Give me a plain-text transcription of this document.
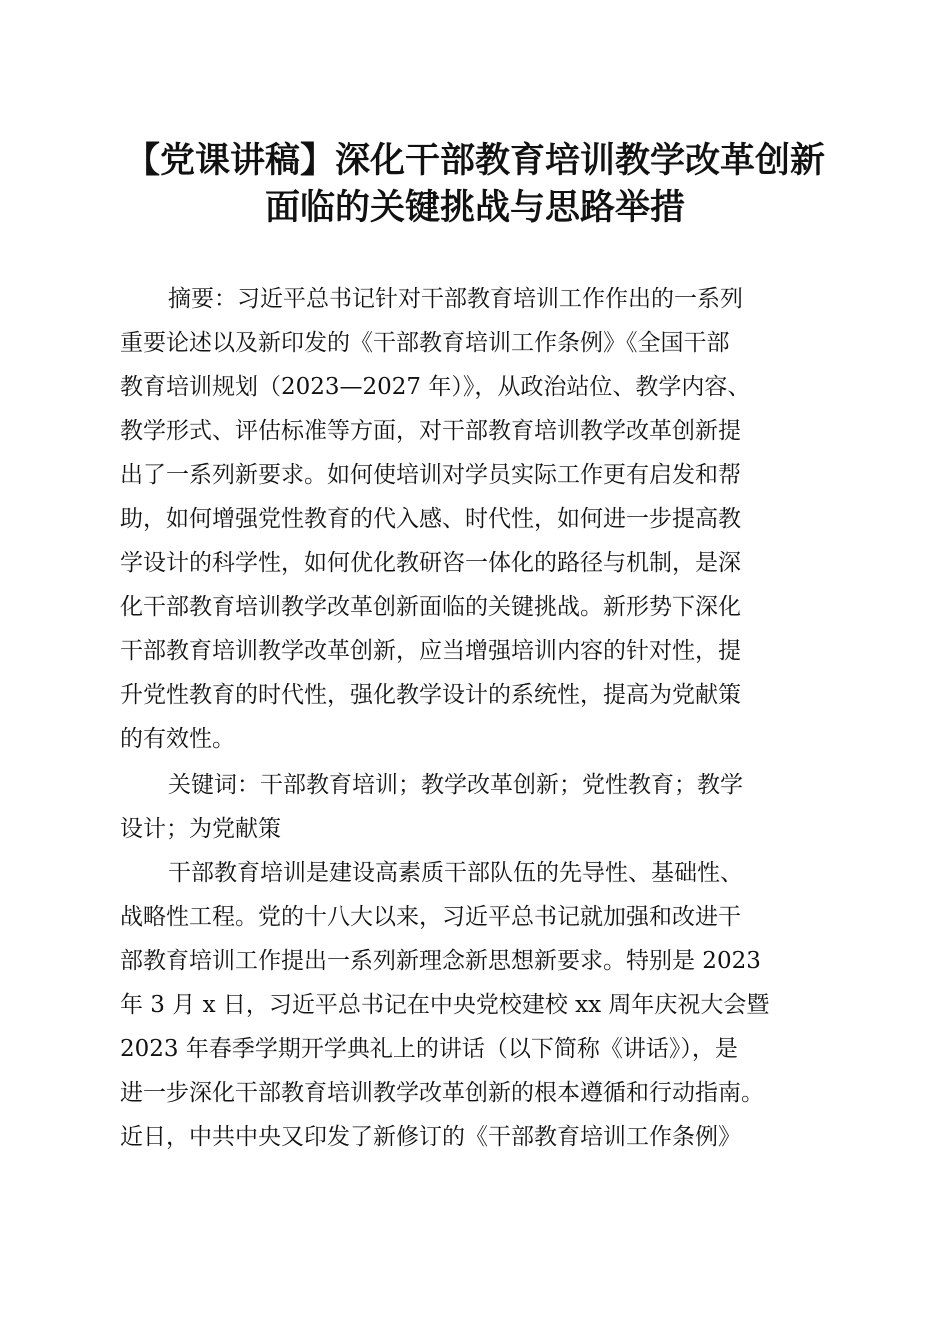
【党课讲稿】深化干部教育培训教学改革创新
面临的关键挑战与思路举措
摘要：习近平总书记针对干部教育培训工作作出的一系列
重要论述以及新印发的《干部教育培训工作条例》《全国干部
教育培训规划（2023—2027 年）》，从政治站位、教学内容、
教学形式、评估标准等方面，对干部教育培训教学改革创新提
出了一系列新要求。如何使培训对学员实际工作更有启发和帮
助，如何增强党性教育的代入感、时代性，如何进一步提高教
学设计的科学性，如何优化教研咨一体化的路径与机制，是深
化干部教育培训教学改革创新面临的关键挑战。新形势下深化
干部教育培训教学改革创新，应当增强培训内容的针对性，提
升党性教育的时代性，强化教学设计的系统性，提高为党献策
的有效性。
关键词：干部教育培训；教学改革创新；党性教育；教学
设计；为党献策
干部教育培训是建设高素质干部队伍的先导性、基础性、
战略性工程。党的十八大以来，习近平总书记就加强和改进干
部教育培训工作提出一系列新理念新思想新要求。特别是 2023
年 3 月 x 日，习近平总书记在中央党校建校 xx 周年庆祝大会暨
2023 年春季学期开学典礼上的讲话（以下简称《讲话》），是
进一步深化干部教育培训教学改革创新的根本遵循和行动指南。
近日，中共中央又印发了新修订的《干部教育培训工作条例》
